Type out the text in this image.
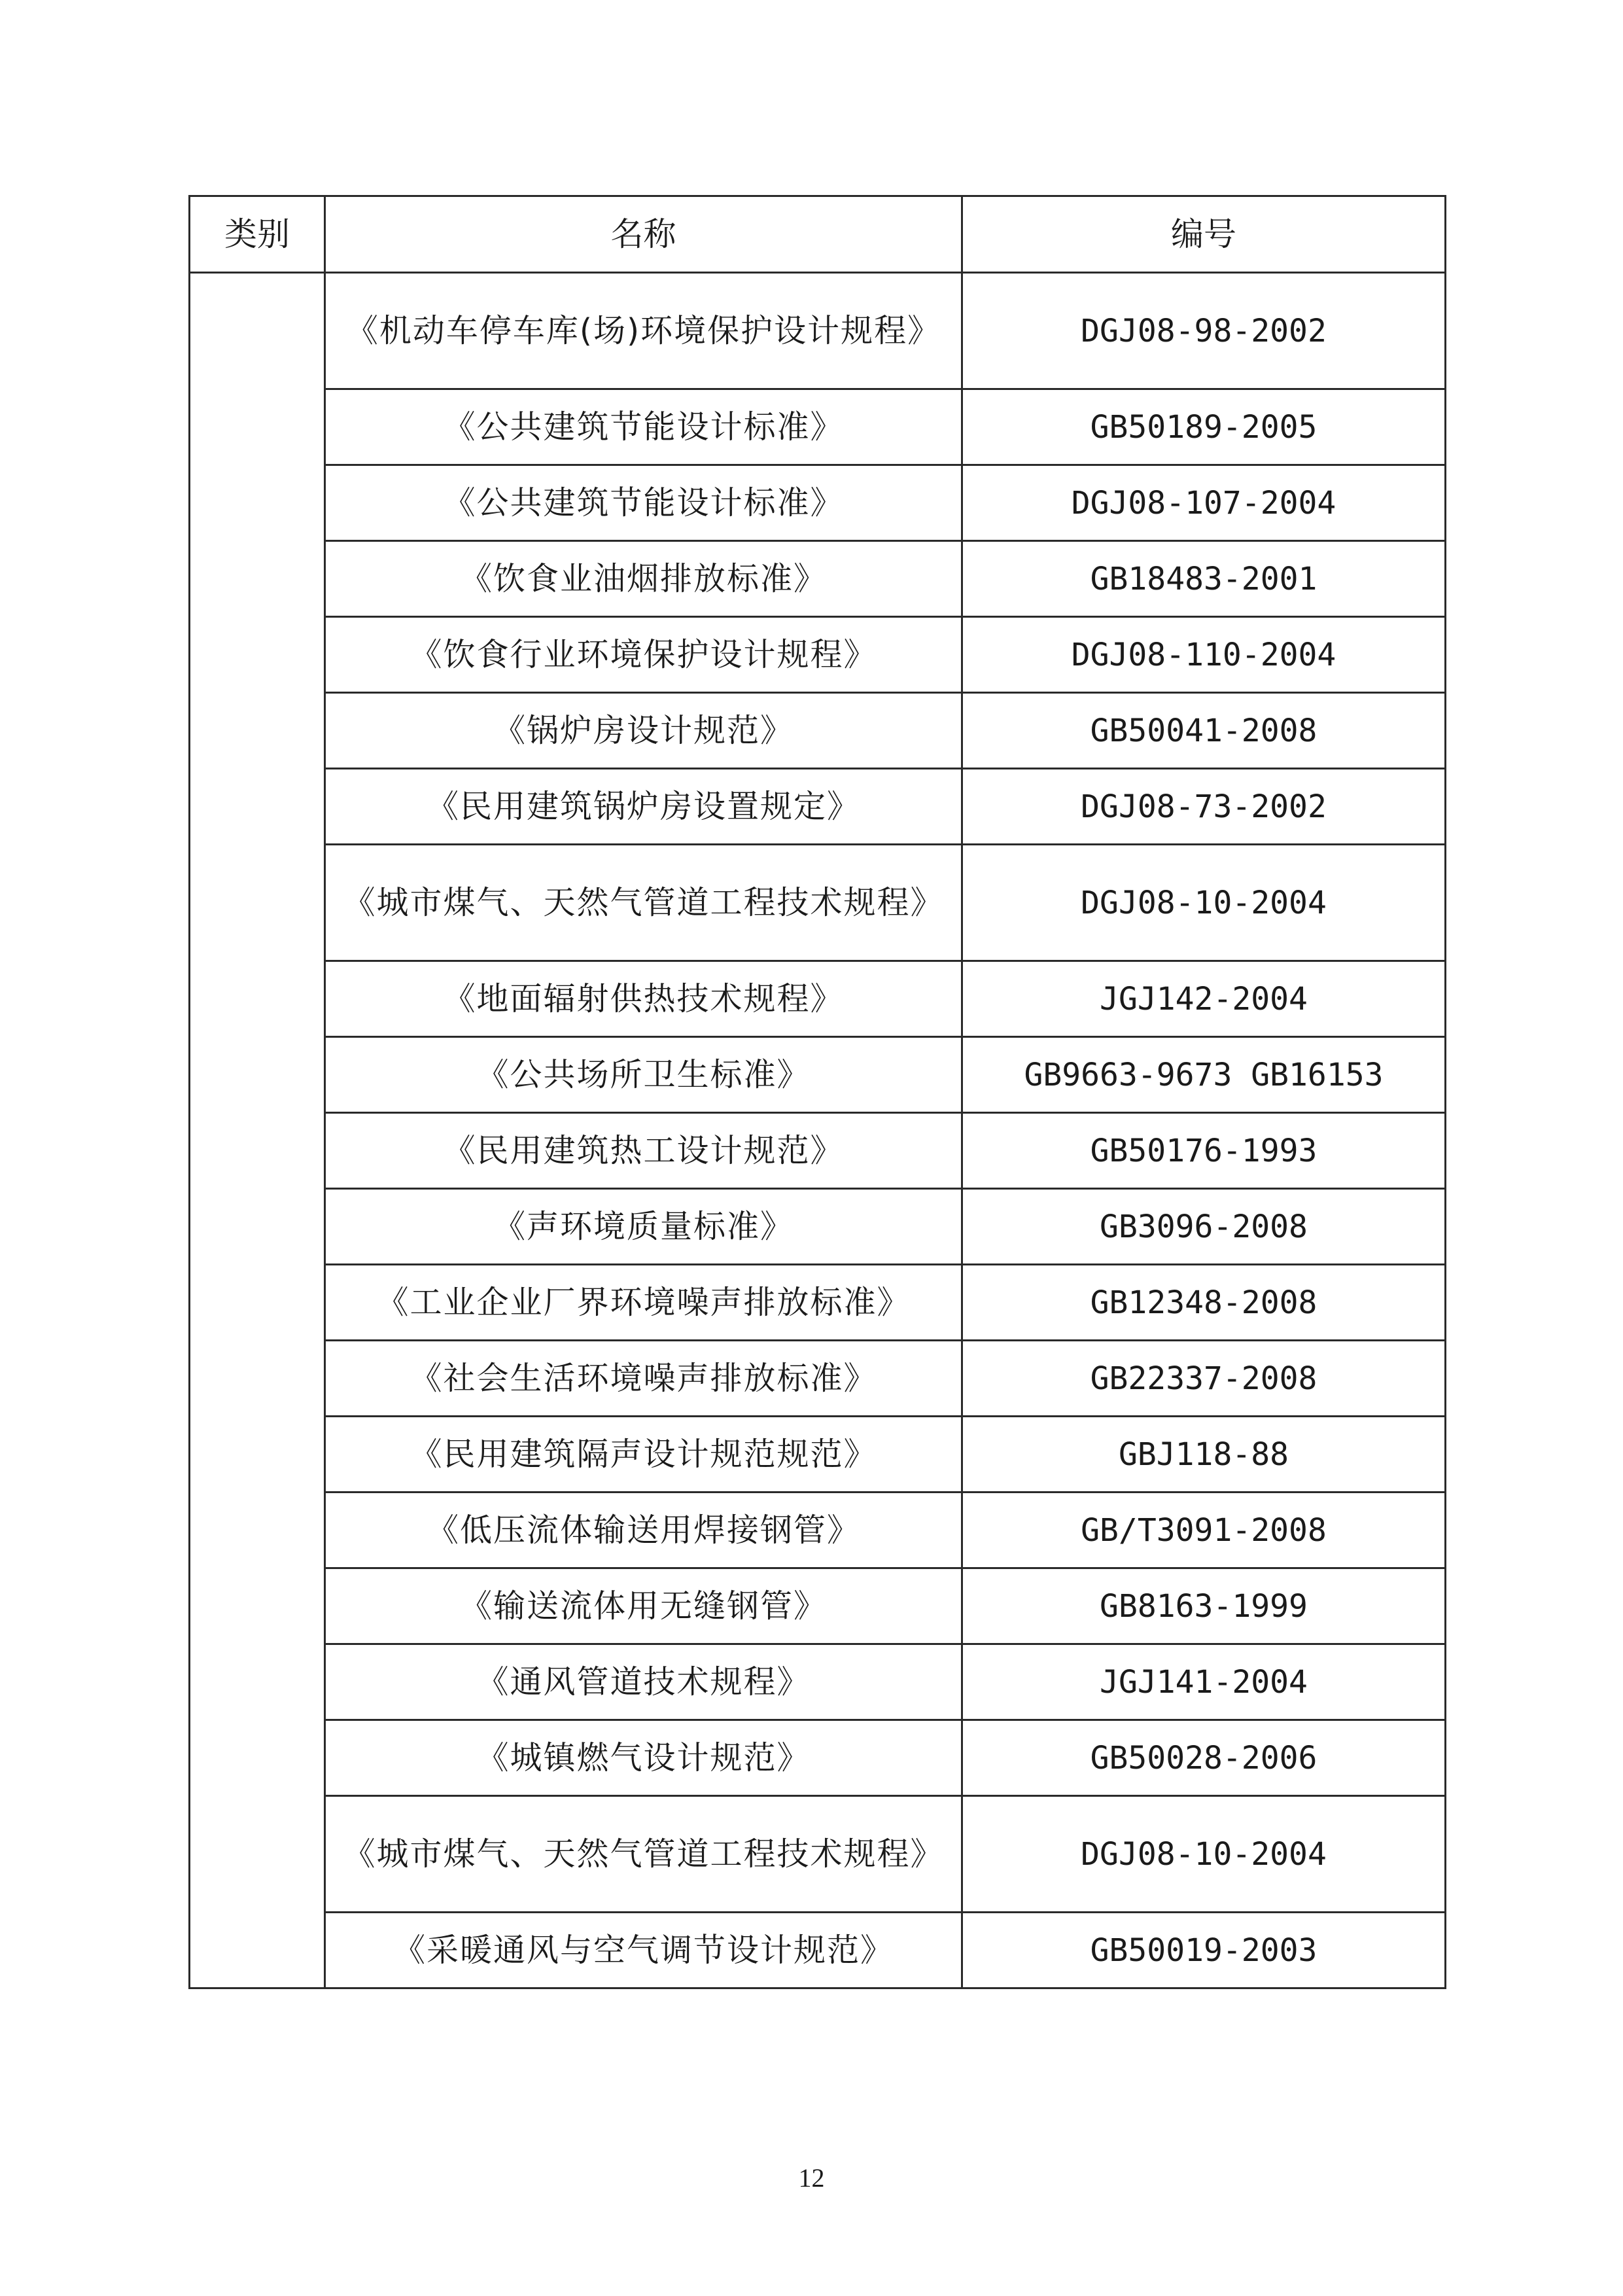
类别	名称	编号
	《机动车停车库(场)环境保护设计规程》	DGJ08-98-2002
	《公共建筑节能设计标准》	GB50189-2005
	《公共建筑节能设计标准》	DGJ08-107-2004
	《饮食业油烟排放标准》	GB18483-2001
	《饮食行业环境保护设计规程》	DGJ08-110-2004
	《锅炉房设计规范》	GB50041-2008
	《民用建筑锅炉房设置规定》	DGJ08-73-2002
	《城市煤气、天然气管道工程技术规程》	DGJ08-10-2004
	《地面辐射供热技术规程》	JGJ142-2004
	《公共场所卫生标准》	GB9663-9673 GB16153
	《民用建筑热工设计规范》	GB50176-1993
	《声环境质量标准》	GB3096-2008
	《工业企业厂界环境噪声排放标准》	GB12348-2008
	《社会生活环境噪声排放标准》	GB22337-2008
	《民用建筑隔声设计规范规范》	GBJ118-88
	《低压流体输送用焊接钢管》	GB/T3091-2008
	《输送流体用无缝钢管》	GB8163-1999
	《通风管道技术规程》	JGJ141-2004
	《城镇燃气设计规范》	GB50028-2006
	《城市煤气、天然气管道工程技术规程》	DGJ08-10-2004
	《采暖通风与空气调节设计规范》	GB50019-2003
12
